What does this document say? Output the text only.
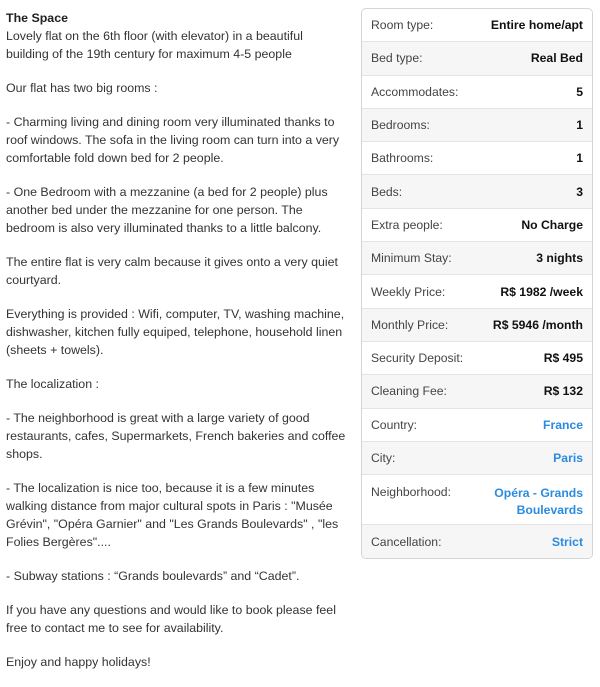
The Space

Lovely flat on the 6th floor (with elevator) in a beautiful building of the 19th century for maximum 4-5 people

Our flat has two big rooms :

- Charming living and dining room very illuminated thanks to roof windows. The sofa in the living room can turn into a very comfortable fold down bed for 2 people.

- One Bedroom with a mezzanine (a bed for 2 people) plus another bed under the mezzanine for one person. The bedroom is also very illuminated thanks to a little balcony.

The entire flat is very calm because it gives onto a very quiet courtyard.

Everything is provided : Wifi, computer, TV, washing machine, dishwasher, kitchen fully equiped, telephone, household linen (sheets + towels).

The localization :

- The neighborhood is great with a large variety of good restaurants, cafes, Supermarkets, French bakeries and coffee shops.

- The localization is nice too, because it is a few minutes walking distance from major cultural spots in Paris : "Musée Grévin", "Opéra Garnier" and "Les Grands Boulevards" , "les Folies Bergères"....

- Subway stations : “Grands boulevards” and “Cadet”.

If you have any questions and would like to book please feel free to contact me to see for availability.

Enjoy and happy holidays!

Room type:	Entire home/apt
Bed type:	Real Bed
Accommodates:	5
Bedrooms:	1
Bathrooms:	1
Beds:	3
Extra people:	No Charge
Minimum Stay:	3 nights
Weekly Price:	R$ 1982 /week
Monthly Price:	R$ 5946 /month
Security Deposit:	R$ 495
Cleaning Fee:	R$ 132
Country:	France
City:	Paris
Neighborhood:	Opéra - Grands Boulevards
Cancellation:	Strict
